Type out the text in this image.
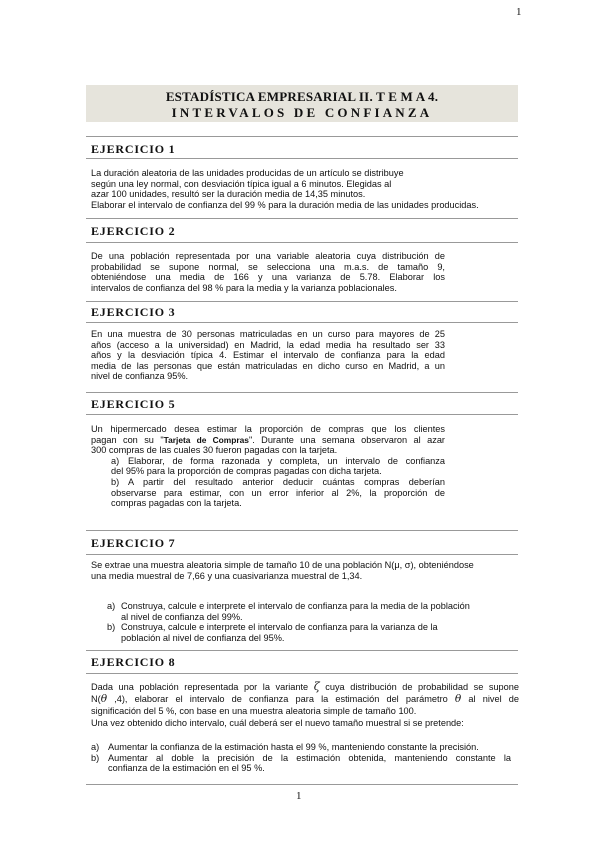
1
ESTADÍSTICA EMPRESARIAL II. T E M A 4.
INTERVALOS DE CONFIANZA
EJERCICIO 1

La duración aleatoria de las unidades producidas de un artículo se distribuye

según una ley normal, con desviación típica igual a 6 minutos. Elegidas al

azar 100 unidades, resultó ser la duración media de 14,35 minutos.

Elaborar el intervalo de confianza del 99 % para la duración media de las unidades producidas.

EJERCICIO 2

De una población representada por una variable aleatoria cuya distribución de

probabilidad se supone normal, se selecciona una m.a.s. de tamaño 9,

obteniéndose una media de 166 y una varianza de 5.78. Elaborar los

intervalos de confianza del 98 % para la media y la varianza poblacionales.

EJERCICIO 3

En una muestra de 30 personas matriculadas en un curso para mayores de 25

años (acceso a la universidad) en Madrid, la edad media ha resultado ser 33

años y la desviación típica 4. Estimar el intervalo de confianza para la edad

media de las personas que están matriculadas en dicho curso en Madrid, a un

nivel de confianza 95%.

EJERCICIO 5

Un hipermercado desea estimar la proporción de compras que los clientes

pagan con su "Tarjeta de Compras". Durante una semana observaron al azar

300 compras de las cuales 30 fueron pagadas con la tarjeta.

a) Elaborar, de forma razonada y completa, un intervalo de confianza
del 95% para la proporción de compras pagadas con dicha tarjeta.
b) A partir del resultado anterior deducir cuántas compras deberían
observarse para estimar, con un error inferior al 2%, la proporción de
compras pagadas con la tarjeta.
EJERCICIO 7

Se extrae una muestra aleatoria simple de tamaño 10 de una población N(μ, σ), obteniéndose

una media muestral de 7,66 y una cuasivarianza muestral de 1,34.

a) Construya, calcule e interprete el intervalo de confianza para la media de la población
al nivel de confianza del 99%.
b) Construya, calcule e interprete el intervalo de confianza para la varianza de la
población al nivel de confianza del 95%.
EJERCICIO 8

Dada una población representada por la variante ζ cuya distribución de probabilidad se supone

N(θ ,4), elaborar el intervalo de confianza para la estimación del parámetro θ al nivel de

significación del 5 %, con base en una muestra aleatoria simple de tamaño 100.

Una vez obtenido dicho intervalo, cuál deberá ser el nuevo tamaño muestral si se pretende:

a) Aumentar la confianza de la estimación hasta el 99 %, manteniendo constante la precisión.
b) Aumentar al doble la precisión de la estimación obtenida, manteniendo constante la
confianza de la estimación en el 95 %.
1
